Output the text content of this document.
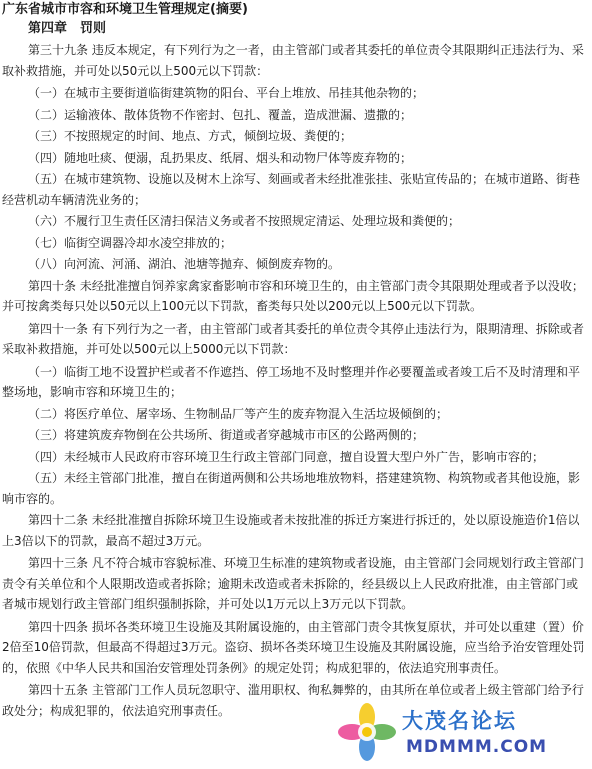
广东省城市市容和环境卫生管理规定(摘要)

第四章　罚则

第三十九条 违反本规定，有下列行为之一者，由主管部门或者其委托的单位责令其限期纠正违法行为、采取补救措施，并可处以50元以上500元以下罚款：

（一）在城市主要街道临街建筑物的阳台、平台上堆放、吊挂其他杂物的；

（二）运输液体、散体货物不作密封、包扎、覆盖，造成泄漏、遗撒的；

（三）不按照规定的时间、地点、方式，倾倒垃圾、粪便的；

（四）随地吐痰、便溺，乱扔果皮、纸屑、烟头和动物尸体等废弃物的；

（五）在城市建筑物、设施以及树木上涂写、刻画或者未经批准张挂、张贴宣传品的；在城市道路、街巷经营机动车辆清洗业务的；

（六）不履行卫生责任区清扫保洁义务或者不按照规定清运、处理垃圾和粪便的；

（七）临街空调器冷却水凌空排放的；

（八）向河流、河涌、湖泊、池塘等抛弃、倾倒废弃物的。

第四十条 未经批准擅自饲养家禽家畜影响市容和环境卫生的，由主管部门责令其限期处理或者予以没收；并可按禽类每只处以50元以上100元以下罚款，畜类每只处以200元以上500元以下罚款。

第四十一条 有下列行为之一者，由主管部门或者其委托的单位责令其停止违法行为，限期清理、拆除或者采取补救措施，并可处以500元以上5000元以下罚款：

（一）临街工地不设置护栏或者不作遮挡、停工场地不及时整理并作必要覆盖或者竣工后不及时清理和平整场地，影响市容和环境卫生的；

（二）将医疗单位、屠宰场、生物制品厂等产生的废弃物混入生活垃圾倾倒的；

（三）将建筑废弃物倒在公共场所、街道或者穿越城市市区的公路两侧的；

（四）未经城市人民政府市容环境卫生行政主管部门同意，擅自设置大型户外广告，影响市容的；

（五）未经主管部门批准，擅自在街道两侧和公共场地堆放物料，搭建建筑物、构筑物或者其他设施，影响市容的。

第四十二条 未经批准擅自拆除环境卫生设施或者未按批准的拆迁方案进行拆迁的，处以原设施造价1倍以上3倍以下的罚款，最高不超过3万元。

第四十三条 凡不符合城市容貌标准、环境卫生标准的建筑物或者设施，由主管部门会同规划行政主管部门责令有关单位和个人限期改造或者拆除；逾期未改造或者未拆除的，经县级以上人民政府批准，由主管部门或者城市规划行政主管部门组织强制拆除，并可处以1万元以上3万元以下罚款。

第四十四条 损坏各类环境卫生设施及其附属设施的，由主管部门责令其恢复原状，并可处以重建（置）价2倍至10倍罚款，但最高不得超过3万元。盗窃、损坏各类环境卫生设施及其附属设施，应当给予治安管理处罚的，依照《中华人民共和国治安管理处罚条例》的规定处罚；构成犯罪的，依法追究刑事责任。

第四十五条 主管部门工作人员玩忽职守、滥用职权、徇私舞弊的，由其所在单位或者上级主管部门给予行政处分；构成犯罪的，依法追究刑事责任。	大茂名论坛
MDMMM.COM
